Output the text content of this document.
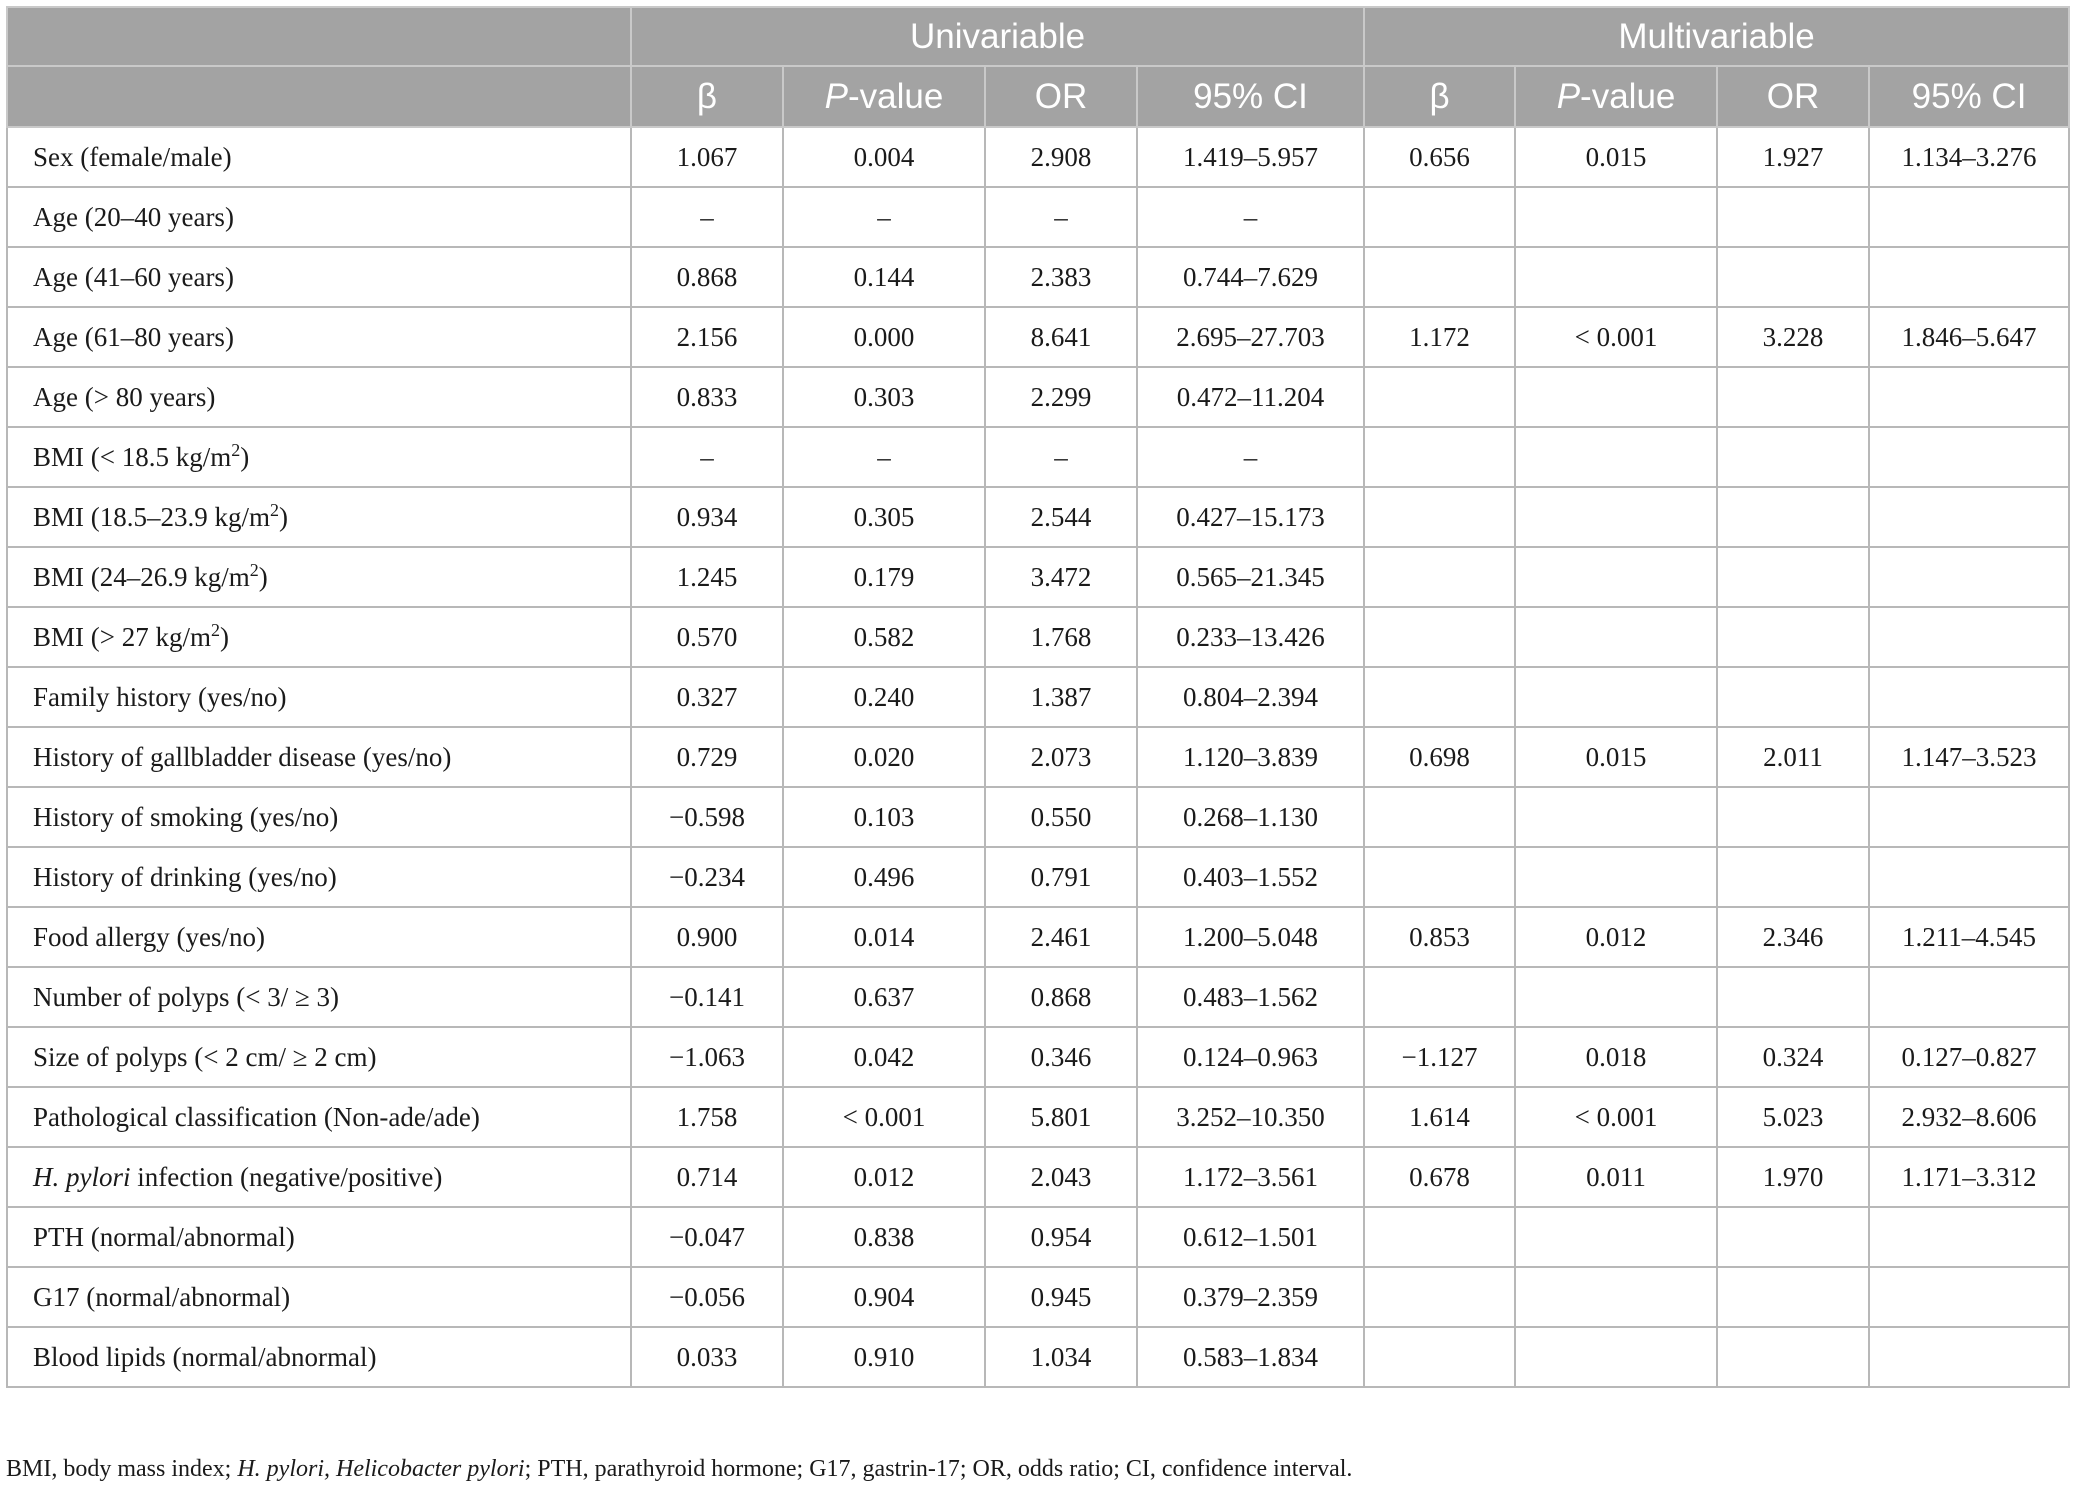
	Univariable				Multivariable			
	β	P-value	OR	95% CI	β	P-value	OR	95% CI
Sex (female/male)	1.067	0.004	2.908	1.419–5.957	0.656	0.015	1.927	1.134–3.276
Age (20–40 years)	–	–	–	–				
Age (41–60 years)	0.868	0.144	2.383	0.744–7.629				
Age (61–80 years)	2.156	0.000	8.641	2.695–27.703	1.172	< 0.001	3.228	1.846–5.647
Age (> 80 years)	0.833	0.303	2.299	0.472–11.204				
BMI (< 18.5 $kg/m^2$)	–	–	–	–				
BMI (18.5–23.9 $kg/m^2$)	0.934	0.305	2.544	0.427–15.173				
BMI (24–26.9 $kg/m^2$)	1.245	0.179	3.472	0.565–21.345				
BMI (> 27 $kg/m^2$)	0.570	0.582	1.768	0.233–13.426				
Family history (yes/no)	0.327	0.240	1.387	0.804–2.394				
History of gallbladder disease (yes/no)	0.729	0.020	2.073	1.120–3.839	0.698	0.015	2.011	1.147–3.523
History of smoking (yes/no)	−0.598	0.103	0.550	0.268–1.130				
History of drinking (yes/no)	−0.234	0.496	0.791	0.403–1.552				
Food allergy (yes/no)	0.900	0.014	2.461	1.200–5.048	0.853	0.012	2.346	1.211–4.545
Number of polyps (< 3/ ≥ 3)	−0.141	0.637	0.868	0.483–1.562				
Size of polyps (< 2 cm/ ≥ 2 cm)	−1.063	0.042	0.346	0.124–0.963	−1.127	0.018	0.324	0.127–0.827
Pathological classification (Non-ade/ade)	1.758	< 0.001	5.801	3.252–10.350	1.614	< 0.001	5.023	2.932–8.606
H. pylori infection (negative/positive)	0.714	0.012	2.043	1.172–3.561	0.678	0.011	1.970	1.171–3.312
PTH (normal/abnormal)	−0.047	0.838	0.954	0.612–1.501				
G17 (normal/abnormal)	−0.056	0.904	0.945	0.379–2.359				
Blood lipids (normal/abnormal)	0.033	0.910	1.034	0.583–1.834				
BMI, body mass index; H. pylori, Helicobacter pylori; PTH, parathyroid hormone; G17, gastrin-17; OR, odds ratio; CI, confidence interval.
